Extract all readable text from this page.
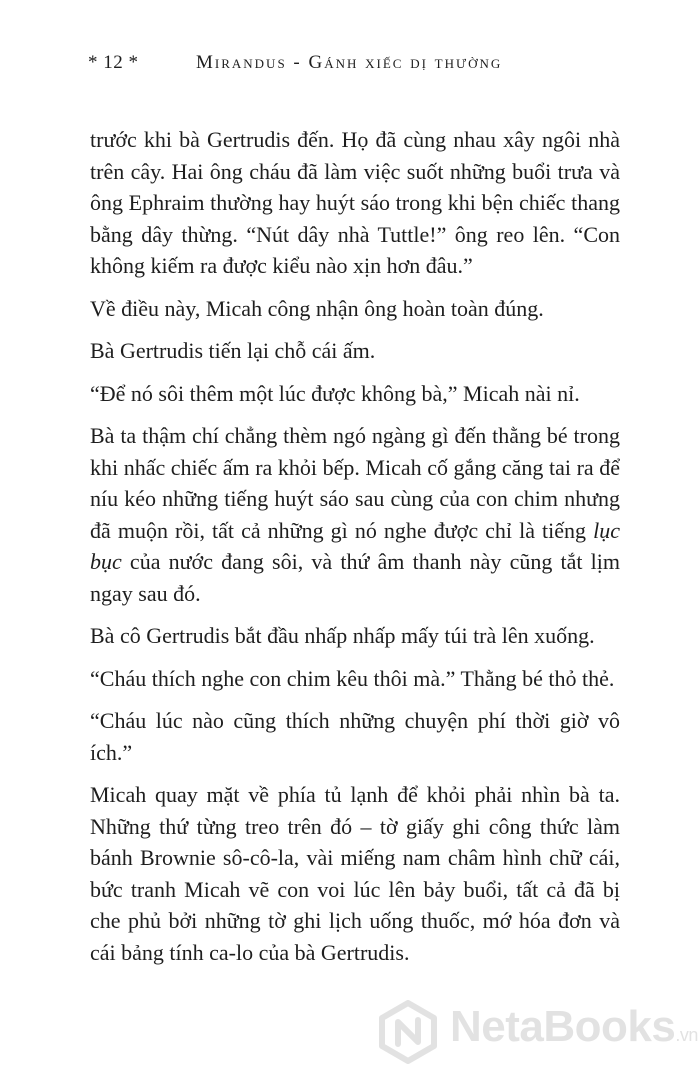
* 12 *	Mirandus - Gánh xiếc dị thường

trước khi bà Gertrudis đến. Họ đã cùng nhau xây ngôi nhà trên cây. Hai ông cháu đã làm việc suốt những buổi trưa và ông Ephraim thường hay huýt sáo trong khi bện chiếc thang bằng dây thừng. “Nút dây nhà Tuttle!” ông reo lên. “Con không kiếm ra được kiểu nào xịn hơn đâu.”

Về điều này, Micah công nhận ông hoàn toàn đúng.

Bà Gertrudis tiến lại chỗ cái ấm.

“Để nó sôi thêm một lúc được không bà,” Micah nài nỉ.

Bà ta thậm chí chẳng thèm ngó ngàng gì đến thằng bé trong khi nhấc chiếc ấm ra khỏi bếp. Micah cố gắng căng tai ra để níu kéo những tiếng huýt sáo sau cùng của con chim nhưng đã muộn rồi, tất cả những gì nó nghe được chỉ là tiếng lục bục của nước đang sôi, và thứ âm thanh này cũng tắt lịm ngay sau đó.

Bà cô Gertrudis bắt đầu nhấp nhấp mấy túi trà lên xuống.

“Cháu thích nghe con chim kêu thôi mà.” Thằng bé thỏ thẻ.

“Cháu lúc nào cũng thích những chuyện phí thời giờ vô ích.”

Micah quay mặt về phía tủ lạnh để khỏi phải nhìn bà ta. Những thứ từng treo trên đó – tờ giấy ghi công thức làm bánh Brownie sô-cô-la, vài miếng nam châm hình chữ cái, bức tranh Micah vẽ con voi lúc lên bảy buổi, tất cả đã bị che phủ bởi những tờ ghi lịch uống thuốc, mớ hóa đơn và cái bảng tính ca-lo của bà Gertrudis.

NetaBooks.vn
